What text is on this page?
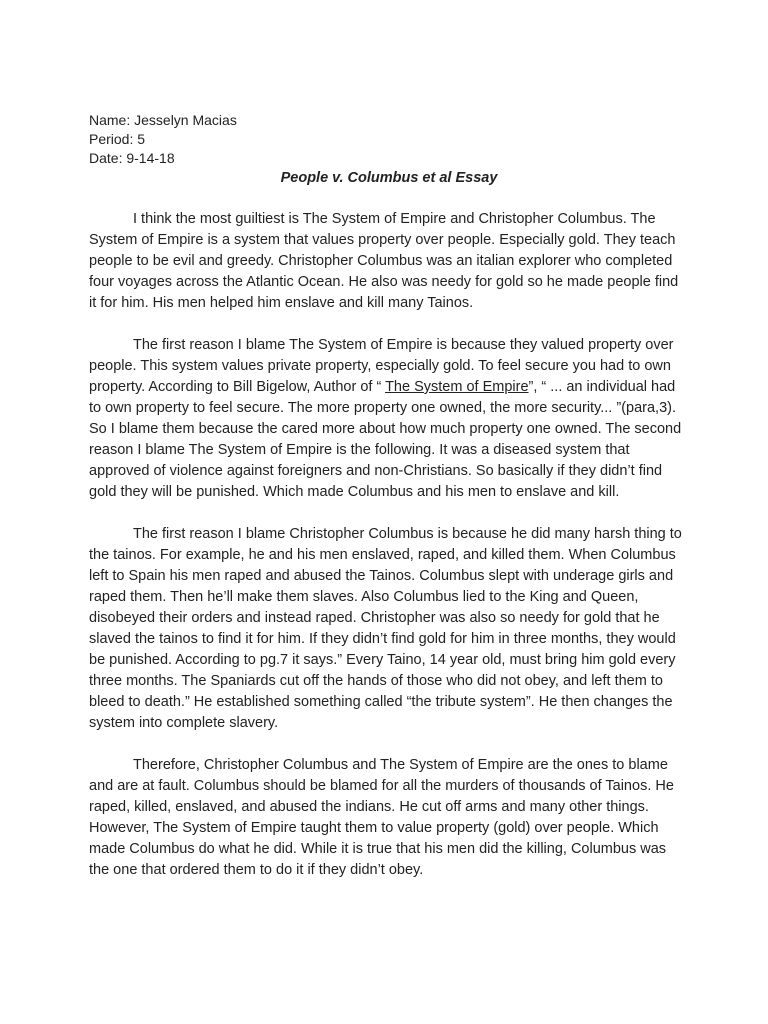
Name: Jesselyn Macias

Period: 5

Date: 9-14-18

People v. Columbus et al Essay

I think the most guiltiest is The System of Empire and Christopher Columbus. The System of Empire is a system that values property over people. Especially gold. They teach people to be evil and greedy. Christopher Columbus was an italian explorer who completed four voyages across the Atlantic Ocean. He also was needy for gold so he made people find it for him. His men helped him enslave and kill many Tainos.

The first reason I blame The System of Empire is because they valued property over people. This system values private property, especially gold. To feel secure you had to own property. According to Bill Bigelow, Author of “ The System of Empire”, “ ... an individual had to own property to feel secure. The more property one owned, the more security... ”(para,3). So I blame them because the cared more about how much property one owned. The second reason I blame The System of Empire is the following. It was a diseased system that approved of violence against foreigners and non-Christians. So basically if they didn’t find gold they will be punished. Which made Columbus and his men to enslave and kill.

The first reason I blame Christopher Columbus is because he did many harsh thing to the tainos. For example, he and his men enslaved, raped, and killed them. When Columbus left to Spain his men raped and abused the Tainos. Columbus slept with underage girls and raped them. Then he’ll make them slaves. Also Columbus lied to the King and Queen, disobeyed their orders and instead raped. Christopher was also so needy for gold that he slaved the tainos to find it for him. If they didn’t find gold for him in three months, they would be punished. According to pg.7 it says.” Every Taino, 14 year old, must bring him gold every three months. The Spaniards cut off the hands of those who did not obey, and left them to bleed to death.” He established something called “the tribute system”. He then changes the system into complete slavery.

Therefore, Christopher Columbus and The System of Empire are the ones to blame and are at fault. Columbus should be blamed for all the murders of thousands of Tainos. He raped, killed, enslaved, and abused the indians. He cut off arms and many other things. However, The System of Empire taught them to value property (gold) over people. Which made Columbus do what he did. While it is true that his men did the killing, Columbus was the one that ordered them to do it if they didn’t obey.
